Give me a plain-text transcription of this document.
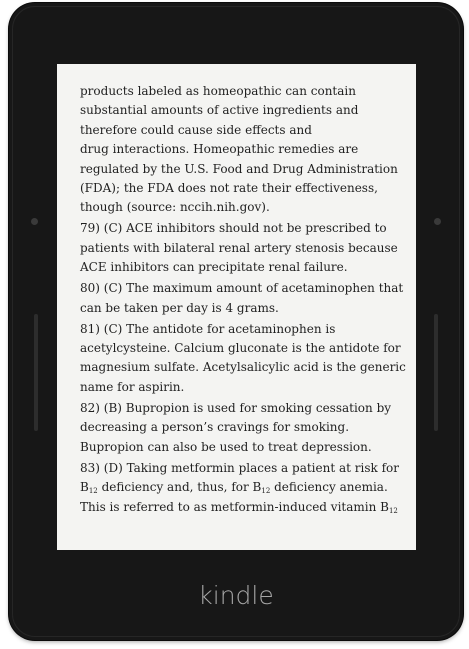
products labeled as homeopathic can contain
substantial amounts of active ingredients and
therefore could cause side effects and
drug interactions. Homeopathic remedies are
regulated by the U.S. Food and Drug Administration
(FDA); the FDA does not rate their effectiveness,
though (source: nccih.nih.gov).

79) (C) ACE inhibitors should not be prescribed to
patients with bilateral renal artery stenosis because
ACE inhibitors can precipitate renal failure.

80) (C) The maximum amount of acetaminophen that
can be taken per day is 4 grams.

81) (C) The antidote for acetaminophen is
acetylcysteine. Calcium gluconate is the antidote for
magnesium sulfate. Acetylsalicylic acid is the generic
name for aspirin.

82) (B) Bupropion is used for smoking cessation by
decreasing a person’s cravings for smoking.
Bupropion can also be used to treat depression.

83) (D) Taking metformin places a patient at risk for
$B_{12}$ deficiency and, thus, for $B_{12}$ deficiency anemia.
This is referred to as metformin-induced vitamin $B_{12}$

kindle
